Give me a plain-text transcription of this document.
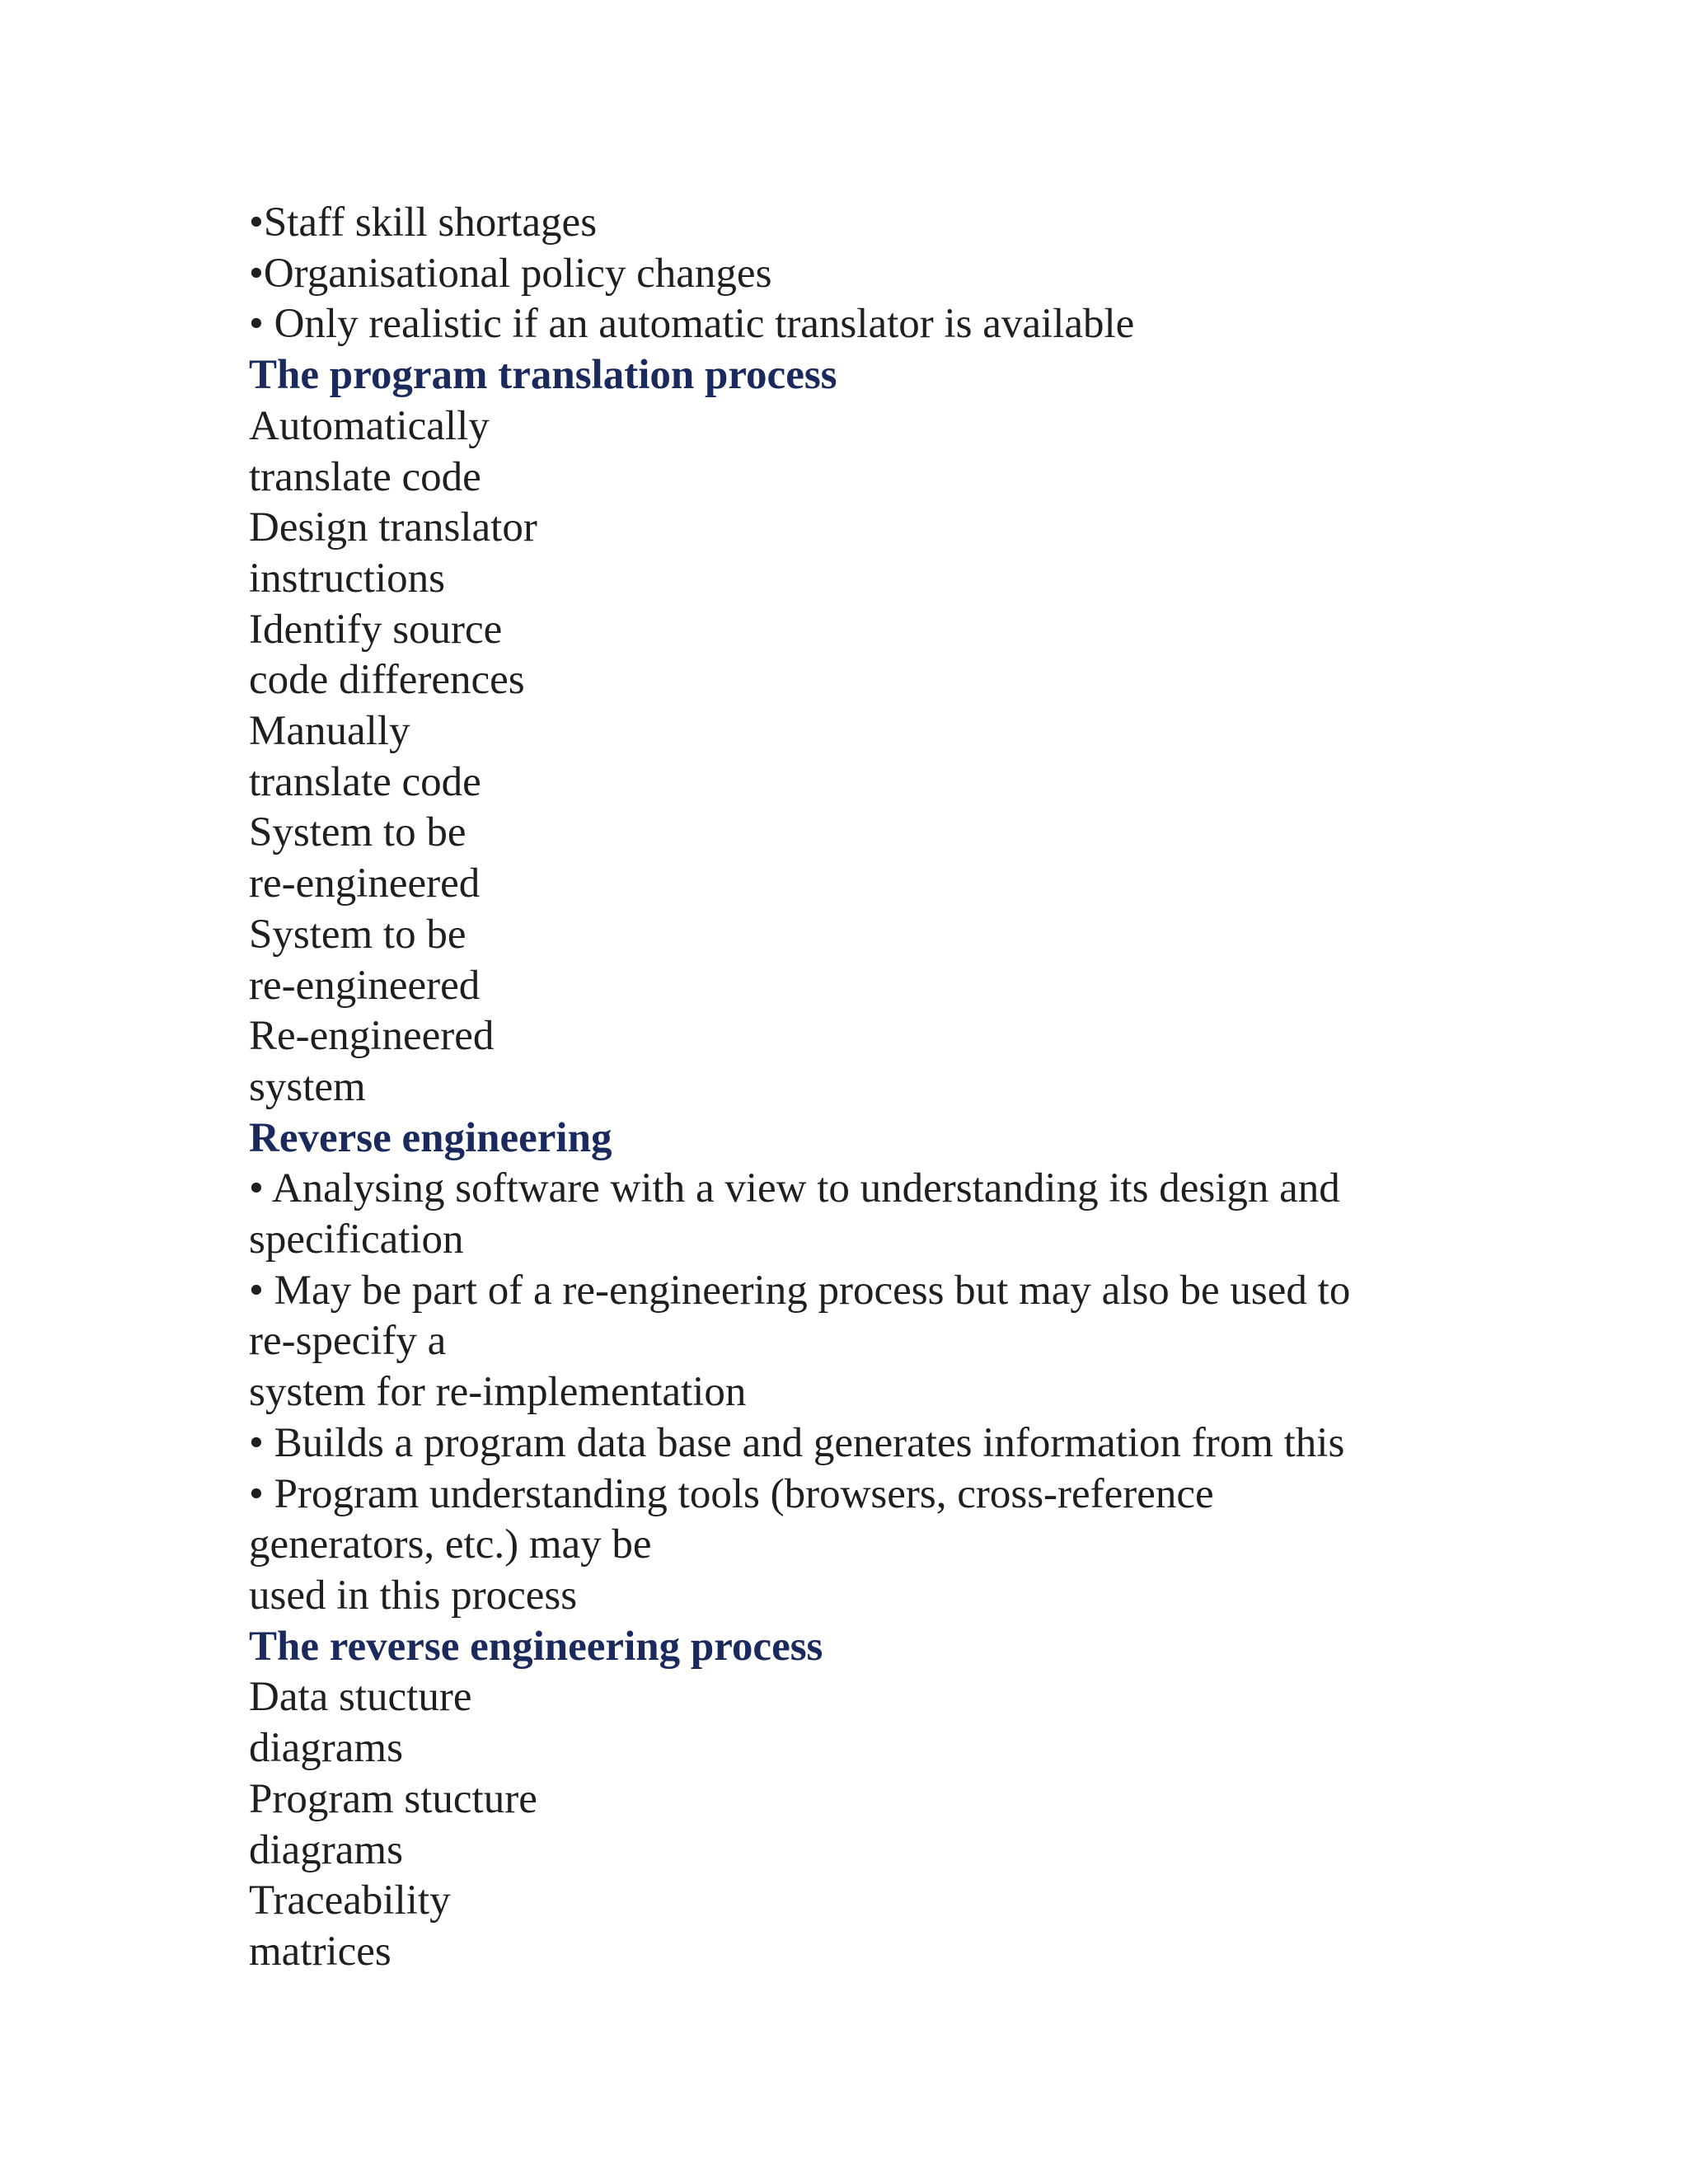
•Staff skill shortages
•Organisational policy changes
• Only realistic if an automatic translator is available
The program translation process
Automatically
translate code
Design translator
instructions
Identify source
code differences
Manually
translate code
System to be
re-engineered
System to be
re-engineered
Re-engineered
system
Reverse engineering
• Analysing software with a view to understanding its design and
specification
• May be part of a re-engineering process but may also be used to
re-specify a
system for re-implementation
• Builds a program data base and generates information from this
• Program understanding tools (browsers, cross-reference
generators, etc.) may be
used in this process
The reverse engineering process
Data stucture
diagrams
Program stucture
diagrams
Traceability
matrices
